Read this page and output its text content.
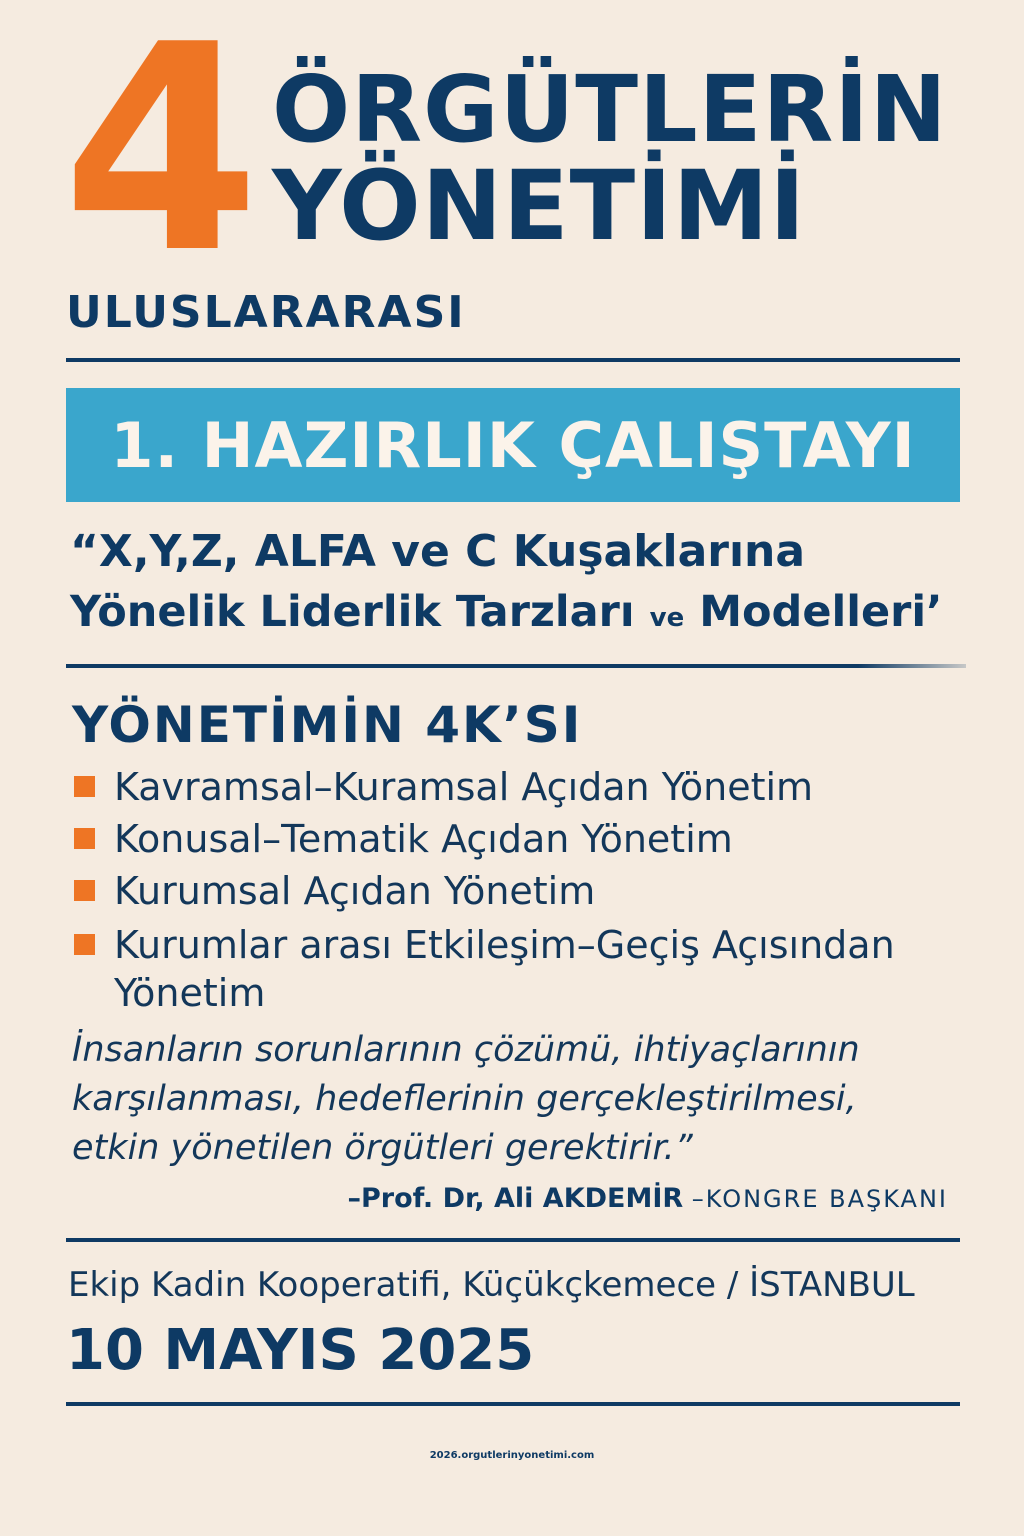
4 ÖRGÜTLERİN
YÖNETİMİ
ULUSLARARASI
1. HAZIRLIK ÇALIŞTAYI
“X,Y,Z, ALFA ve C Kuşaklarına
Yönelik Liderlik Tarzları ve Modelleri’
YÖNETİMİN 4K’SI
Kavramsal–Kuramsal Açıdan Yönetim
Konusal–Tematik Açıdan Yönetim
Kurumsal Açıdan Yönetim
Kurumlar arası Etkileşim–Geçiş Açısından
Yönetim
İnsanların sorunlarının çözümü, ihtiyaçlarının
karşılanması, hedeflerinin gerçekleştirilmesi,
etkin yönetilen örgütleri gerektirir.”
–Prof. Dr, Ali AKDEMİR –KONGRE BAŞKANI
Ekip Kadin Kooperatifi, Küçükçkemece / İSTANBUL
10 MAYIS 2025
2026.orgutlerinyonetimi.com
